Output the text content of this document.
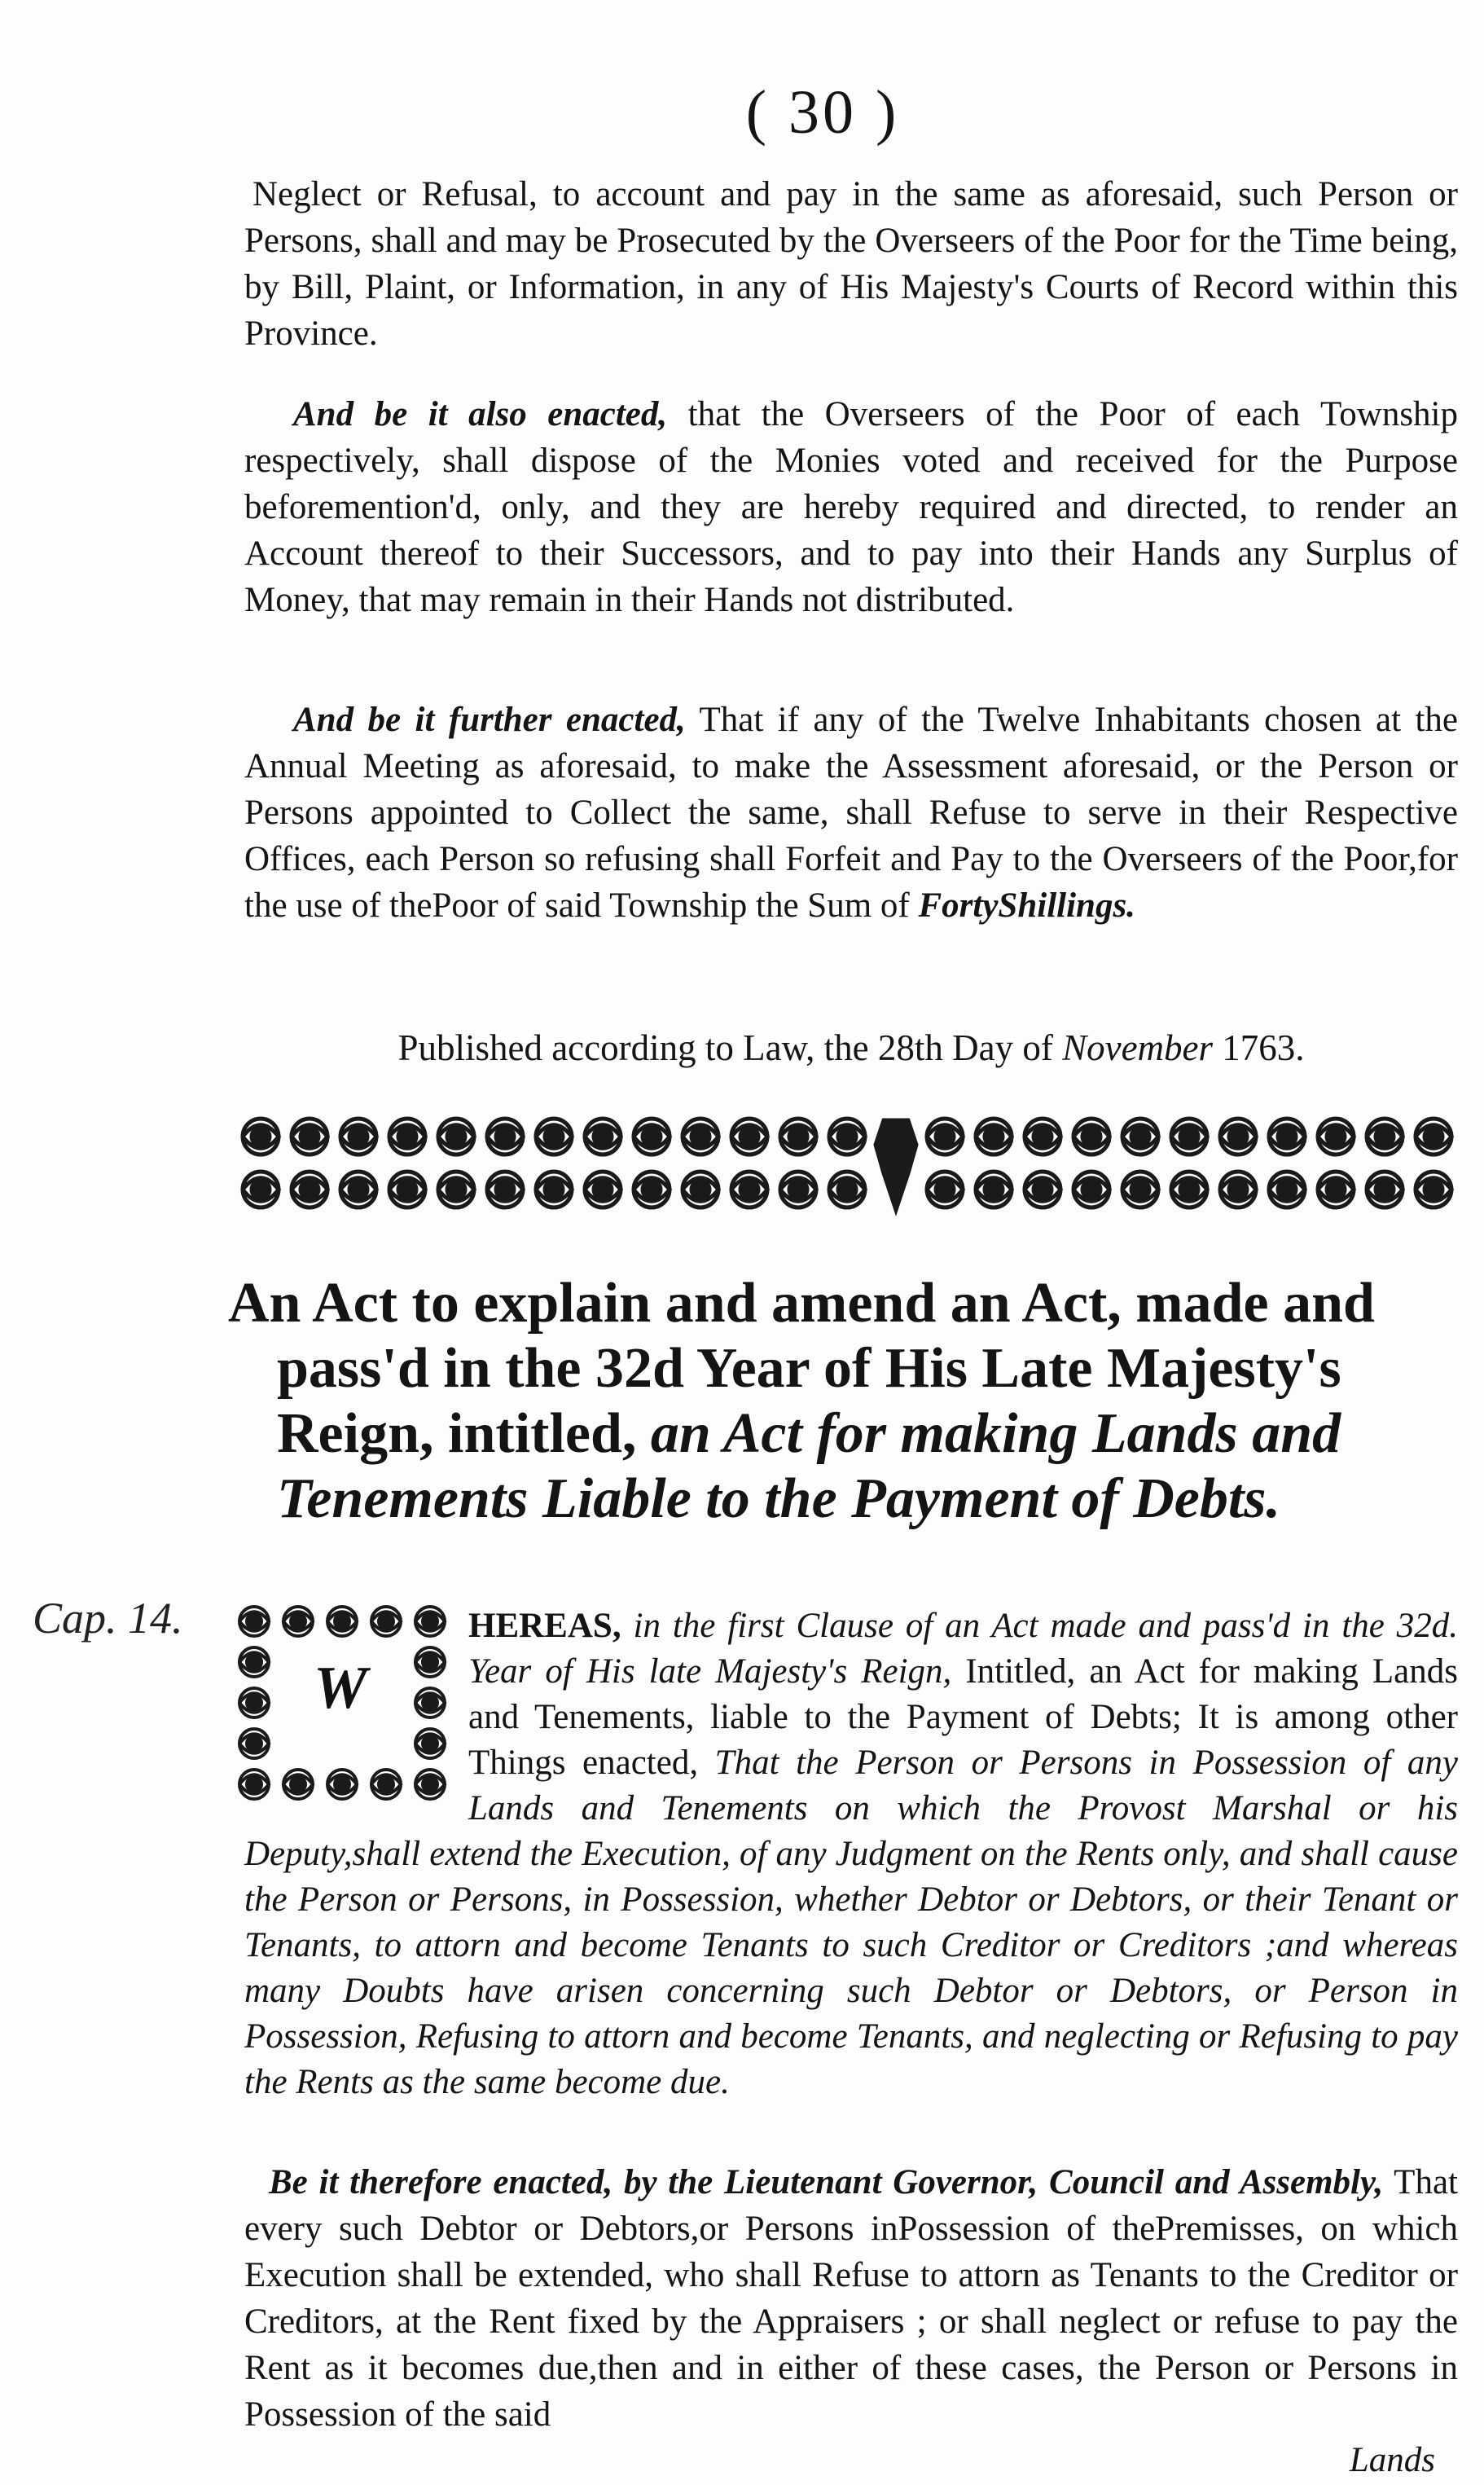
( 30 )
Neglect or Refusal, to account and pay in the same as aforesaid, such Person or Persons, shall and may be Prosecuted by the Overseers of the Poor for the Time being, by Bill, Plaint, or Information, in any of His Majesty's Courts of Record within this Province.
And be it also enacted, that the Overseers of the Poor of each Township respectively, shall dispose of the Monies voted and received for the Purpose beforemention'd, only, and they are hereby required and directed, to render an Account thereof to their Successors, and to pay into their Hands any Surplus of Money, that may remain in their Hands not distributed.
And be it further enacted, That if any of the Twelve Inhabitants chosen at the Annual Meeting as aforesaid, to make the Assessment aforesaid, or the Person or Persons appointed to Collect the same, shall Refuse to serve in their Respective Offices, each Person so refusing shall Forfeit and Pay to the Overseers of the Poor,for the use of thePoor of said Township the Sum of FortyShillings.
Published according to Law, the 28th Day of November 1763.
An Act to explain and amend an Act, made and
pass'd in the 32d Year of His Late Majesty's
Reign, intitled, an Act for making Lands and
Tenements Liable to the Payment of Debts.
Cap. 14.
W
HEREAS, in the first Clause of an Act made and pass'd in the 32d. Year of His late Majesty's Reign, Intitled, an Act for making Lands and Tenements, liable to the Payment of Debts; It is among other Things enacted, That the Person or Persons in Possession of any Lands and Tenements on which the Provost Marshal or his Deputy,shall extend the Execution, of any Judgment on the Rents only, and shall cause the Person or Persons, in Possession, whether Debtor or Debtors, or their Tenant or Tenants, to attorn and become Tenants to such Creditor or Creditors ;and whereas many Doubts have arisen concerning such Debtor or Debtors, or Person in Possession, Refusing to attorn and become Tenants, and neglecting or Refusing to pay the Rents as the same become due.
Be it therefore enacted, by the Lieutenant Governor, Council and Assembly, That every such Debtor or Debtors,or Persons inPossession of thePremisses, on which Execution shall be extended, who shall Refuse to attorn as Tenants to the Creditor or Creditors, at the Rent fixed by the Appraisers ; or shall neglect or refuse to pay the Rent as it becomes due,then and in either of these cases, the Person or Persons in Possession of the said
Lands
